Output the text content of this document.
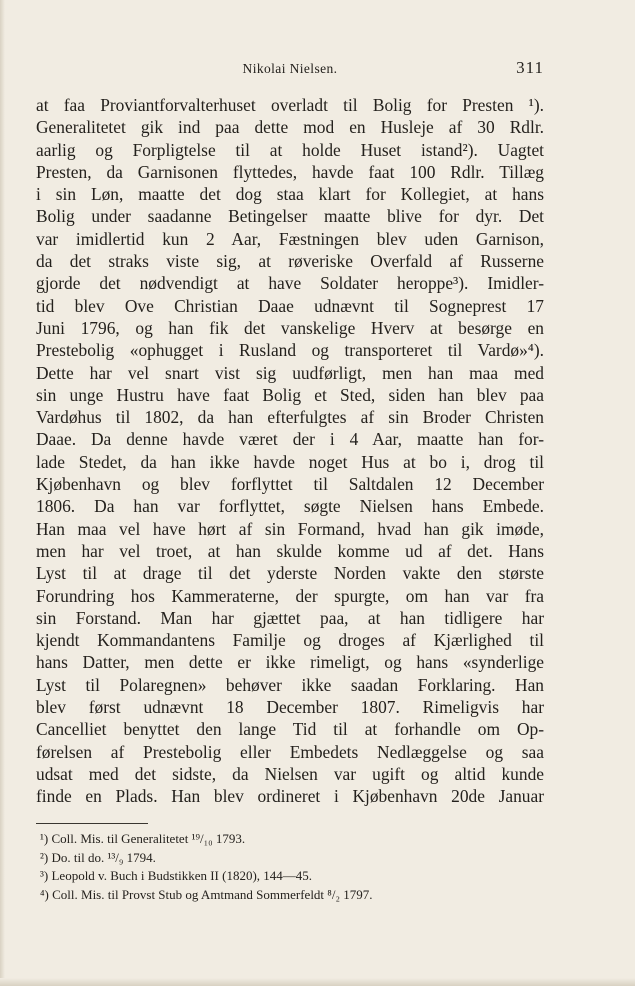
Nikolai Nielsen.	311
at faa Proviantforvalterhuset overladt til Bolig for Presten ¹).
Generalitetet gik ind paa dette mod en Husleje af 30 Rdlr.
aarlig og Forpligtelse til at holde Huset istand²). Uagtet
Presten, da Garnisonen flyttedes, havde faat 100 Rdlr. Tillæg
i sin Løn, maatte det dog staa klart for Kollegiet, at hans
Bolig under saadanne Betingelser maatte blive for dyr. Det
var imidlertid kun 2 Aar, Fæstningen blev uden Garnison,
da det straks viste sig, at røveriske Overfald af Russerne
gjorde det nødvendigt at have Soldater heroppe³). Imidler-
tid blev Ove Christian Daae udnævnt til Sogneprest 17
Juni 1796, og han fik det vanskelige Hverv at besørge en
Prestebolig «ophugget i Rusland og transporteret til Vardø»⁴).
Dette har vel snart vist sig uudførligt, men han maa med
sin unge Hustru have faat Bolig et Sted, siden han blev paa
Vardøhus til 1802, da han efterfulgtes af sin Broder Christen
Daae. Da denne havde været der i 4 Aar, maatte han for-
lade Stedet, da han ikke havde noget Hus at bo i, drog til
Kjøbenhavn og blev forflyttet til Saltdalen 12 December
1806. Da han var forflyttet, søgte Nielsen hans Embede.
Han maa vel have hørt af sin Formand, hvad han gik imøde,
men har vel troet, at han skulde komme ud af det. Hans
Lyst til at drage til det yderste Norden vakte den største
Forundring hos Kammeraterne, der spurgte, om han var fra
sin Forstand. Man har gjættet paa, at han tidligere har
kjendt Kommandantens Familje og droges af Kjærlighed til
hans Datter, men dette er ikke rimeligt, og hans «synderlige
Lyst til Polaregnen» behøver ikke saadan Forklaring. Han
blev først udnævnt 18 December 1807. Rimeligvis har
Cancelliet benyttet den lange Tid til at forhandle om Op-
førelsen af Prestebolig eller Embedets Nedlæggelse og saa
udsat med det sidste, da Nielsen var ugift og altid kunde
finde en Plads. Han blev ordineret i Kjøbenhavn 20de Januar
¹) Coll. Mis. til Generalitetet ¹⁹/₁₀ 1793.
²) Do. til do. ¹³/₉ 1794.
³) Leopold v. Buch i Budstikken II (1820), 144—45.
⁴) Coll. Mis. til Provst Stub og Amtmand Sommerfeldt ⁸/₂ 1797.
